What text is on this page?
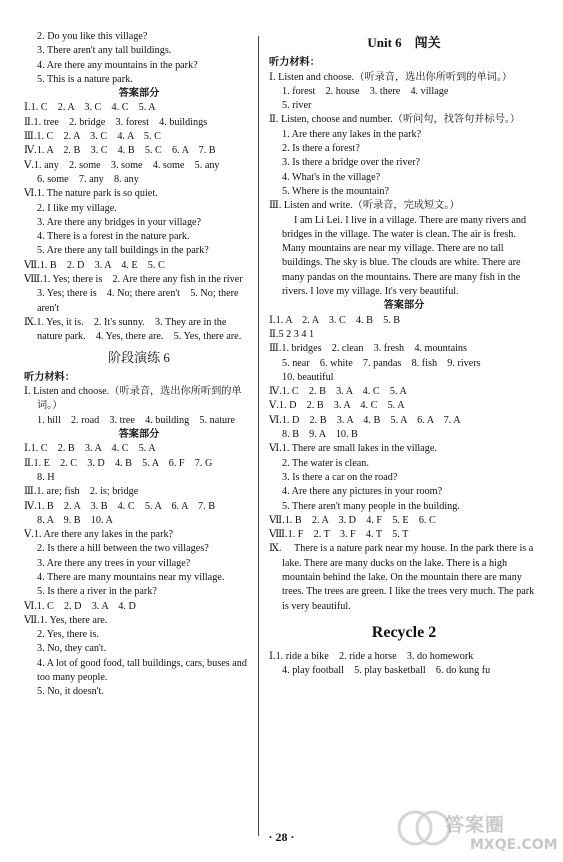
2. Do you like this village?
3. There aren't any tall buildings.
4. Are there any mountains in the park?
5. This is a nature park.
答案部分
Ⅰ.1. C　2. A　3. C　4. C　5. A
Ⅱ.1. tree　2. bridge　3. forest　4. buildings
Ⅲ.1. C　2. A　3. C　4. A　5. C
Ⅳ.1. A　2. B　3. C　4. B　5. C　6. A　7. B
Ⅴ.1. any　2. some　3. some　4. some　5. any
6. some　7. any　8. any
Ⅵ.1. The nature park is so quiet.
2. I like my village.
3. Are there any bridges in your village?
4. There is a forest in the nature park.
5. Are there any tall buildings in the park?
Ⅶ.1. B　2. D　3. A　4. E　5. C
Ⅷ.1. Yes; there is　2. Are there any fish in the river　3. Yes; there is　4. No; there aren't　5. No; there aren't
Ⅸ.1. Yes, it is.　2. It's sunny.　3. They are in the nature park.　4. Yes, there are.　5. Yes, there are.
阶段演练 6
听力材料：
Ⅰ. Listen and choose.（听录音，选出你所听到的单词。）
1. hill　2. road　3. tree　4. building　5. nature
答案部分
Ⅰ.1. C　2. B　3. A　4. C　5. A
Ⅱ.1. E　2. C　3. D　4. B　5. A　6. F　7. G
8. H
Ⅲ.1. are; fish　2. is; bridge
Ⅳ.1. B　2. A　3. B　4. C　5. A　6. A　7. B
8. A　9. B　10. A
Ⅴ.1. Are there any lakes in the park?
2. Is there a hill between the two villages?
3. Are there any trees in your village?
4. There are many mountains near my village.
5. Is there a river in the park?
Ⅵ.1. C　2. D　3. A　4. D
Ⅶ.1. Yes, there are.
2. Yes, there is.
3. No, they can't.
4. A lot of good food, tall buildings, cars, buses and too many people.
5. No, it doesn't.
Unit 6　闯关
听力材料：
Ⅰ. Listen and choose.（听录音，选出你所听到的单词。）
1. forest　2. house　3. there　4. village
5. river
Ⅱ. Listen, choose and number.（听问句，找答句并标号。）
1. Are there any lakes in the park?
2. Is there a forest?
3. Is there a bridge over the river?
4. What's in the village?
5. Where is the mountain?
Ⅲ. Listen and write.（听录音，完成短文。）
I am Li Lei. I live in a village. There are many rivers and bridges in the village. The water is clean. The air is fresh. Many mountains are near my village. There are no tall buildings. The sky is blue. The clouds are white. There are many pandas on the mountains. There are many fish in the rivers. I love my village. It's very beautiful.
答案部分
Ⅰ.1. A　2. A　3. C　4. B　5. B
Ⅱ.5 2 3 4 1
Ⅲ.1. bridges　2. clean　3. fresh　4. mountains
5. near　6. white　7. pandas　8. fish　9. rivers
10. beautiful
Ⅳ.1. C　2. B　3. A　4. C　5. A
Ⅴ.1. D　2. B　3. A　4. C　5. A
Ⅵ.1. D　2. B　3. A　4. B　5. A　6. A　7. A
8. B　9. A　10. B
Ⅵ.1. There are small lakes in the village.
2. The water is clean.
3. Is there a car on the road?
4. Are there any pictures in your room?
5. There aren't many people in the building.
Ⅶ.1. B　2. A　3. D　4. F　5. E　6. C
Ⅷ.1. F　2. T　3. F　4. T　5. T
Ⅸ. There is a nature park near my house. In the park there is a lake. There are many ducks on the lake. There is a high mountain behind the lake. On the mountain there are many trees. The trees are green. I like the trees very much. The park is very beautiful.
Recycle 2
Ⅰ.1. ride a bike　2. ride a horse　3. do homework
4. play football　5. play basketball　6. do kung fu
· 28 ·
答案圈
MXQE.COM
